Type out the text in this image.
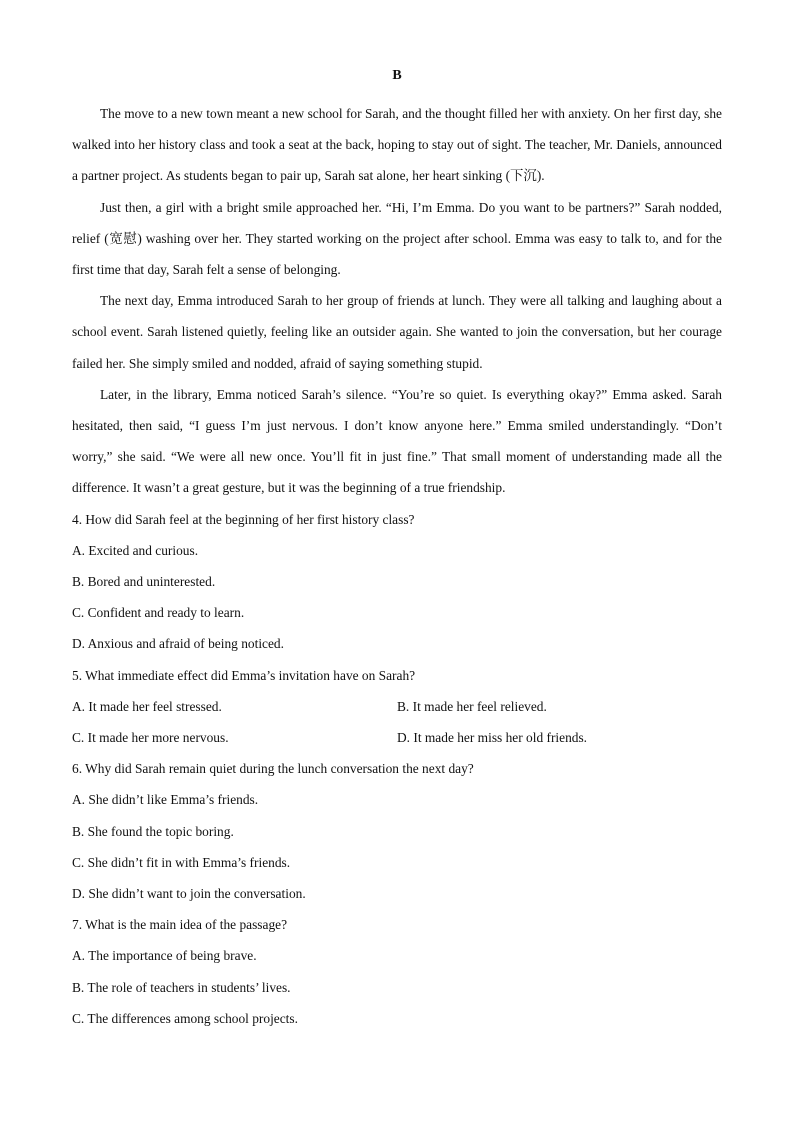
B

The move to a new town meant a new school for Sarah, and the thought filled her with anxiety. On her first day, she walked into her history class and took a seat at the back, hoping to stay out of sight. The teacher, Mr. Daniels, announced a partner project. As students began to pair up, Sarah sat alone, her heart sinking (下沉).

Just then, a girl with a bright smile approached her. “Hi, I’m Emma. Do you want to be partners?” Sarah nodded, relief (宽慰) washing over her. They started working on the project after school. Emma was easy to talk to, and for the first time that day, Sarah felt a sense of belonging.

The next day, Emma introduced Sarah to her group of friends at lunch. They were all talking and laughing about a school event. Sarah listened quietly, feeling like an outsider again. She wanted to join the conversation, but her courage failed her. She simply smiled and nodded, afraid of saying something stupid.

Later, in the library, Emma noticed Sarah’s silence. “You’re so quiet. Is everything okay?” Emma asked. Sarah hesitated, then said, “I guess I’m just nervous. I don’t know anyone here.” Emma smiled understandingly. “Don’t worry,” she said. “We were all new once. You’ll fit in just fine.” That small moment of understanding made all the difference. It wasn’t a great gesture, but it was the beginning of a true friendship.

4. How did Sarah feel at the beginning of her first history class?

A. Excited and curious.

B. Bored and uninterested.

C. Confident and ready to learn.

D. Anxious and afraid of being noticed.

5. What immediate effect did Emma’s invitation have on Sarah?

A. It made her feel stressed.	B. It made her feel relieved.
C. It made her more nervous.	D. It made her miss her old friends.

6. Why did Sarah remain quiet during the lunch conversation the next day?

A. She didn’t like Emma’s friends.

B. She found the topic boring.

C. She didn’t fit in with Emma’s friends.

D. She didn’t want to join the conversation.

7. What is the main idea of the passage?

A. The importance of being brave.

B. The role of teachers in students’ lives.

C. The differences among school projects.
